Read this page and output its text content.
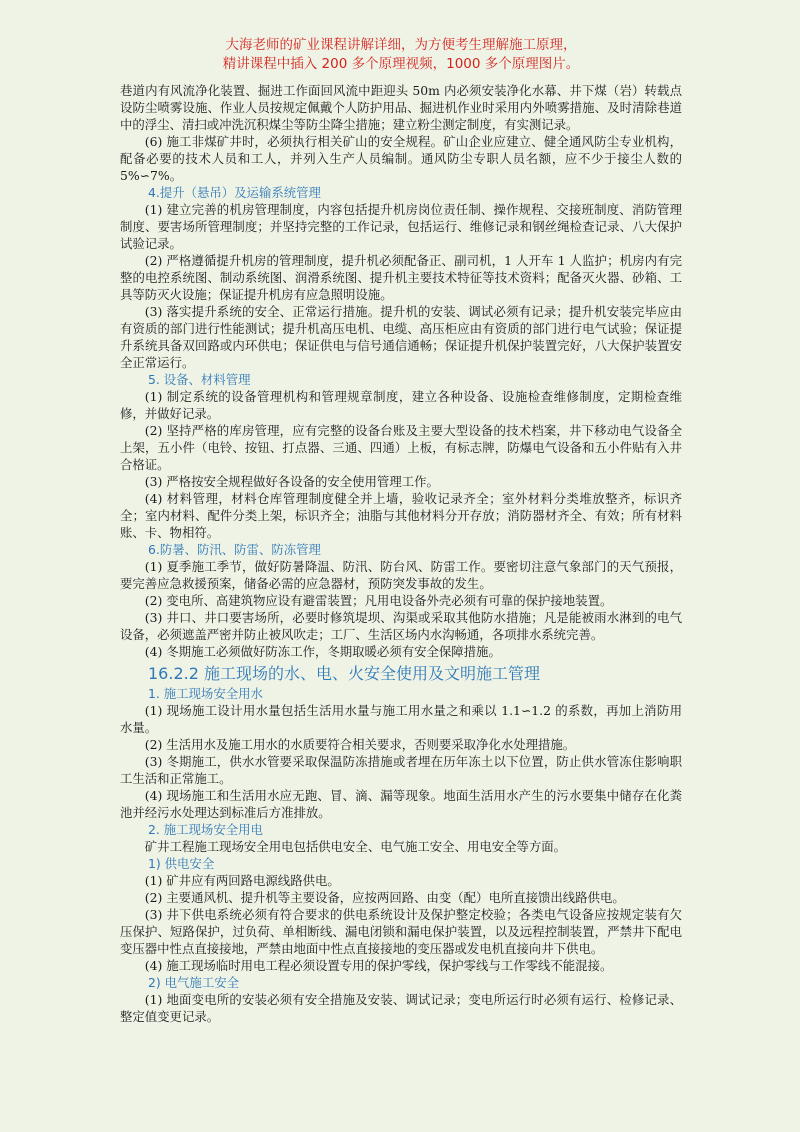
大海老师的矿业课程讲解详细，为方便考生理解施工原理，
精讲课程中插入 200 多个原理视频，1000 多个原理图片。

巷道内有风流净化装置、掘进工作面回风流中距迎头 50m 内必须安装净化水幕、井下煤（岩）转载点设防尘喷雾设施、作业人员按规定佩戴个人防护用品、掘进机作业时采用内外喷雾措施、及时清除巷道中的浮尘、清扫或冲洗沉积煤尘等防尘降尘措施；建立粉尘测定制度，有实测记录。

(6) 施工非煤矿井时，必须执行相关矿山的安全规程。矿山企业应建立、健全通风防尘专业机构，配备必要的技术人员和工人，并列入生产人员编制。通风防尘专职人员名额，应不少于接尘人数的 5%∽7%。

4.提升（悬吊）及运输系统管理

(1) 建立完善的机房管理制度，内容包括提升机房岗位责任制、操作规程、交接班制度、消防管理制度、要害场所管理制度；并坚持完整的工作记录，包括运行、维修记录和钢丝绳检查记录、八大保护试验记录。

(2) 严格遵循提升机房的管理制度，提升机必须配备正、副司机，1 人开车 1 人监护；机房内有完整的电控系统图、制动系统图、润滑系统图、提升机主要技术特征等技术资料；配备灭火器、砂箱、工具等防灭火设施；保证提升机房有应急照明设施。

(3) 落实提升系统的安全、正常运行措施。提升机的安装、调试必须有记录；提升机安装完毕应由有资质的部门进行性能测试；提升机高压电机、电缆、高压柜应由有资质的部门进行电气试验；保证提升系统具备双回路或内环供电；保证供电与信号通信通畅；保证提升机保护装置完好，八大保护装置安全正常运行。

5. 设备、材料管理

(1) 制定系统的设备管理机构和管理规章制度，建立各种设备、设施检查维修制度，定期检查维修，并做好记录。

(2) 坚持严格的库房管理，应有完整的设备台账及主要大型设备的技术档案，井下移动电气设备全上架，五小件（电铃、按钮、打点器、三通、四通）上板，有标志牌，防爆电气设备和五小件贴有入井合格证。

(3) 严格按安全规程做好各设备的安全使用管理工作。

(4) 材料管理，材料仓库管理制度健全并上墙，验收记录齐全；室外材料分类堆放整齐，标识齐全；室内材料、配件分类上架，标识齐全；油脂与其他材料分开存放；消防器材齐全、有效；所有材料账、卡、物相符。

6.防暑、防汛、防雷、防冻管理

(1) 夏季施工季节，做好防暑降温、防汛、防台风、防雷工作。要密切注意气象部门的天气预报，要完善应急救援预案，储备必需的应急器材，预防突发事故的发生。

(2) 变电所、高建筑物应设有避雷装置；凡用电设备外壳必须有可靠的保护接地装置。

(3) 井口、井口要害场所，必要时修筑堤坝、沟渠或采取其他防水措施；凡是能被雨水淋到的电气设备，必须遮盖严密并防止被风吹走；工厂、生活区场内水沟畅通，各项排水系统完善。

(4) 冬期施工必须做好防冻工作，冬期取暖必须有安全保障措施。

16.2.2 施工现场的水、电、火安全使用及文明施工管理
1. 施工现场安全用水

(1) 现场施工设计用水量包括生活用水量与施工用水量之和乘以 1.1∽1.2 的系数，再加上消防用水量。

(2) 生活用水及施工用水的水质要符合相关要求，否则要采取净化水处理措施。

(3) 冬期施工，供水水管要采取保温防冻措施或者埋在历年冻土以下位置，防止供水管冻住影响职工生活和正常施工。

(4) 现场施工和生活用水应无跑、冒、滴、漏等现象。地面生活用水产生的污水要集中储存在化粪池并经污水处理达到标准后方准排放。

2. 施工现场安全用电

矿井工程施工现场安全用电包括供电安全、电气施工安全、用电安全等方面。

1) 供电安全

(1) 矿井应有两回路电源线路供电。

(2) 主要通风机、提升机等主要设备，应按两回路、由变（配）电所直接馈出线路供电。

(3) 井下供电系统必须有符合要求的供电系统设计及保护整定校验；各类电气设备应按规定装有欠压保护、短路保护，过负荷、单相断线、漏电闭锁和漏电保护装置，以及远程控制装置，严禁井下配电变压器中性点直接接地，严禁由地面中性点直接接地的变压器或发电机直接向井下供电。

(4) 施工现场临时用电工程必须设置专用的保护零线，保护零线与工作零线不能混接。

2) 电气施工安全

(1) 地面变电所的安装必须有安全措施及安装、调试记录；变电所运行时必须有运行、检修记录、整定值变更记录。
